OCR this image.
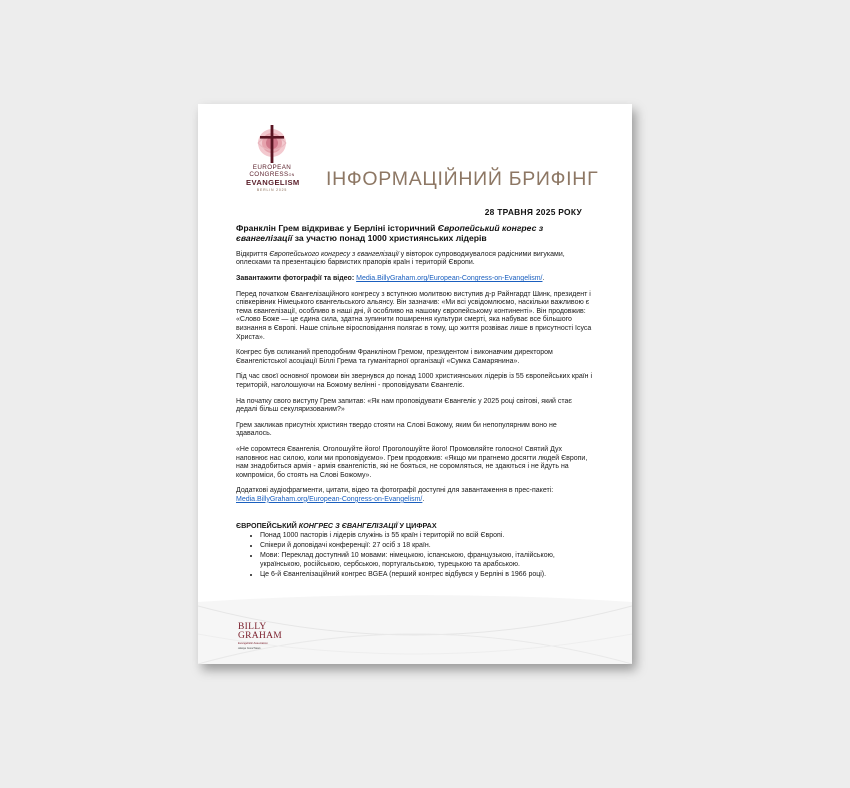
EUROPEAN
CONGRESSON
EVANGELISM
BERLIN 2025	ІНФОРМАЦІЙНИЙ БРИФІНГ
28 ТРАВНЯ 2025 РОКУ

Франклін Грем відкриває у Берліні історичний Європейський конгрес з євангелізації за участю понад 1000 християнських лідерів

Відкриття Європейського конгресу з євангелізації у вівторок супроводжувалося радісними вигуками, оплесками та презентацією барвистих прапорів країн і територій Європи.

Завантажити фотографії та відео: Media.BillyGraham.org/European-Congress-on-Evangelism/.

Перед початком Євангелізаційного конгресу з вступною молитвою виступив д-р Райнгардт Шинк, президент і співкерівник Німецького євангельського альянсу. Він зазначив: «Ми всі усвідомлюємо, наскільки важливою є тема євангелізації, особливо в наші дні, й особливо на нашому європейському континенті». Він продовжив: «Слово Боже — це єдина сила, здатна зупинити поширення культури смерті, яка набуває все більшого визнання в Європі. Наше спільне віросповідання полягає в тому, що життя розвіває лише в присутності Ісуса Христа».

Конгрес був скликаний преподобним Франкліном Гремом, президентом і виконавчим директором Євангелістської асоціації Біллі Грема та гуманітарної організації «Сумка Самарянина».

Під час своєї основної промови він звернувся до понад 1000 християнських лідерів із 55 європейських країн і територій, наголошуючи на Божому велінні - проповідувати Євангеліє.

На початку свого виступу Грем запитав: «Як нам проповідувати Євангеліє у 2025 році світові, який стає дедалі більш секуляризованим?»

Грем закликав присутніх християн твердо стояти на Слові Божому, яким би непопулярним воно не здавалось.

«Не соромтеся Євангелія. Оголошуйте його! Проголошуйте його! Промовляйте голосно! Святий Дух наповнює нас силою, коли ми проповідуємо». Грем продовжив: «Якщо ми прагнемо досягти людей Європи, нам знадобиться армія - армія євангелістів, які не бояться, не соромляться, не здаються і не йдуть на компроміси, бо стоять на Слові Божому».

Додаткові аудіофрагменти, цитати, відео та фотографії доступні для завантаження в прес-пакеті: Media.BillyGraham.org/European-Congress-on-Evangelism/.

ЄВРОПЕЙСЬКИЙ КОНГРЕС З ЄВАНГЕЛІЗАЦІЇ У ЦИФРАХ
• Понад 1000 пасторів і лідерів служінь із 55 країн і територій по всій Європі.
• Спікери й доповідачі конференції: 27 осіб з 18 країн.
• Мови: Переклад доступний 10 мовами: німецькою, іспанською, французькою, італійською, українською, російською, сербською, португальською, турецькою та арабською.
• Це 6-й Євангелізаційний конгрес BGEA (перший конгрес відбувся у Берліні в 1966 році).
BILLY
GRAHAM
Evangelistic Association
Always Good News
